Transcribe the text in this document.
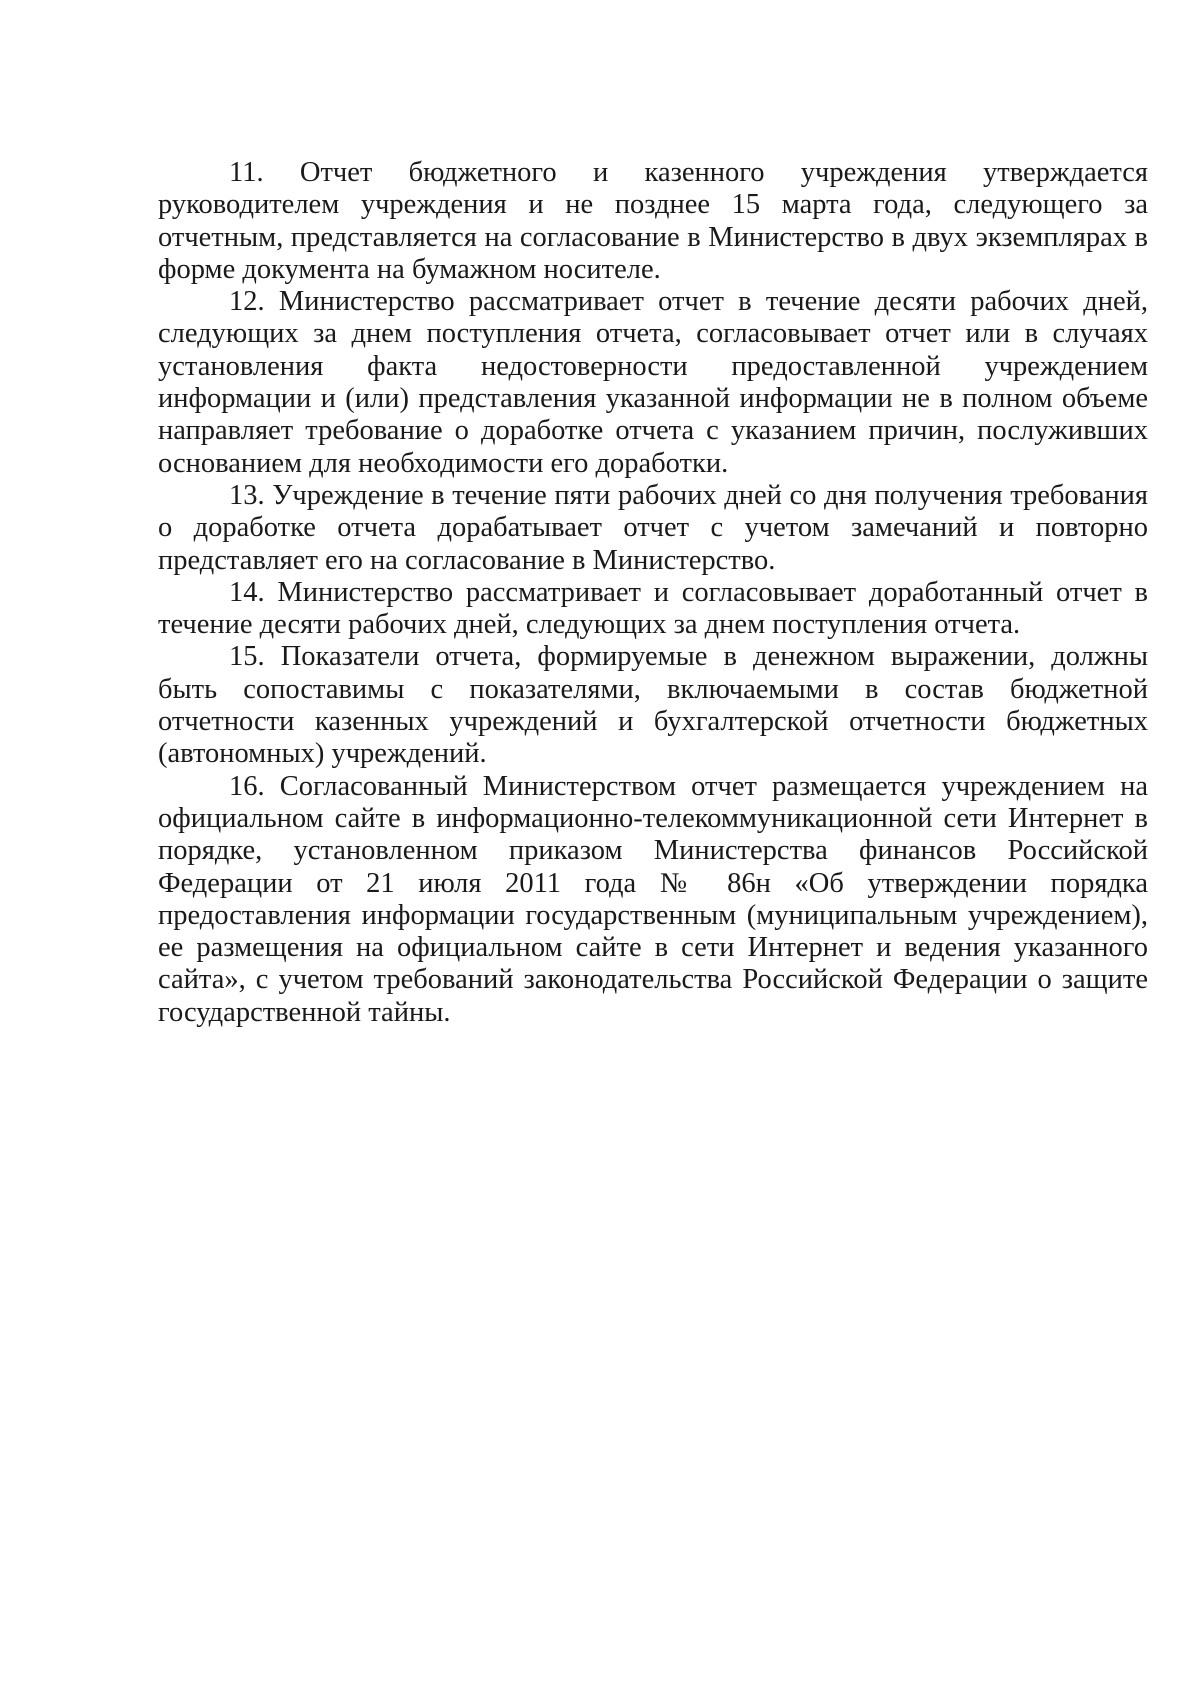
11. Отчет бюджетного и казенного учреждения утверждается руководителем учреждения и не позднее 15 марта года, следующего за отчетным, представляется на согласование в Министерство в двух экземплярах в форме документа на бумажном носителе.

12. Министерство рассматривает отчет в течение десяти рабочих дней, следующих за днем поступления отчета, согласовывает отчет или в случаях установления факта недостоверности предоставленной учреждением информации и (или) представления указанной информации не в полном объеме направляет требование о доработке отчета с указанием причин, послуживших основанием для необходимости его доработки.

13. Учреждение в течение пяти рабочих дней со дня получения требования о доработке отчета дорабатывает отчет с учетом замечаний и повторно представляет его на согласование в Министерство.

14. Министерство рассматривает и согласовывает доработанный отчет в течение десяти рабочих дней, следующих за днем поступления отчета.

15. Показатели отчета, формируемые в денежном выражении, должны быть сопоставимы с показателями, включаемыми в состав бюджетной отчетности казенных учреждений и бухгалтерской отчетности бюджетных (автономных) учреждений.

16. Согласованный Министерством отчет размещается учреждением на официальном сайте в информационно-телекоммуникационной сети Интернет в порядке, установленном приказом Министерства финансов Российской Федерации от 21 июля 2011 года № 86н «Об утверждении порядка предоставления информации государственным (муниципальным учреждением), ее размещения на официальном сайте в сети Интернет и ведения указанного сайта», с учетом требований законодательства Российской Федерации о защите государственной тайны.
